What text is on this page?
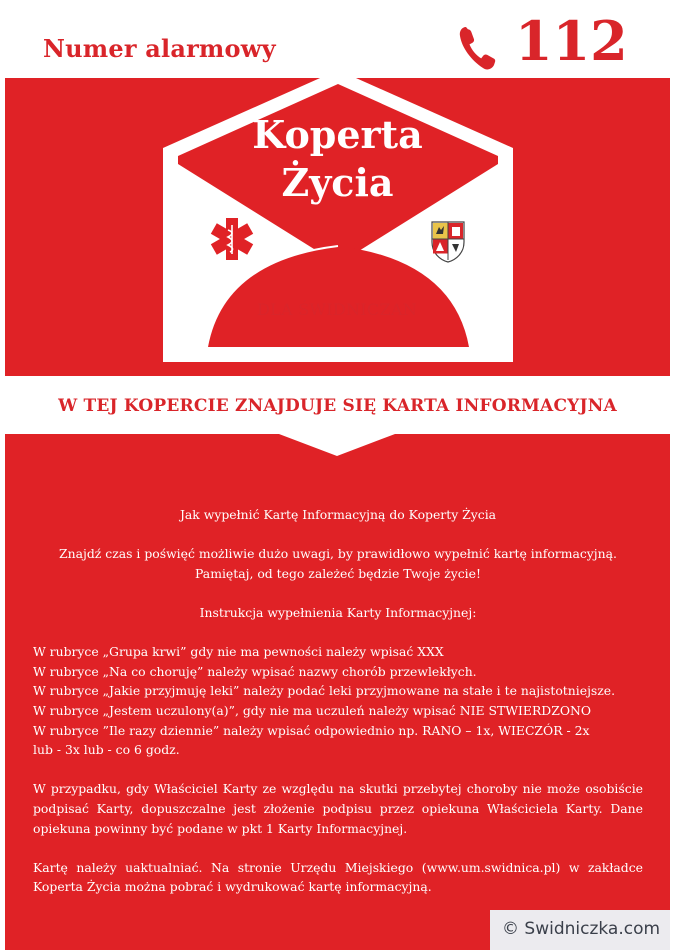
Numer alarmowy	112
Koperta
Życia
DLA ŚWIDNICZAN
W TEJ KOPERCIE ZNAJDUJE SIĘ KARTA INFORMACYJNA

Jak wypełnić Kartę Informacyjną do Koperty Życia

Znajdź czas i poświęć możliwie dużo uwagi, by prawidłowo wypełnić kartę informacyjną.

Pamiętaj, od tego zależeć będzie Twoje życie!

Instrukcja wypełnienia Karty Informacyjnej:

W rubryce „Grupa krwi” gdy nie ma pewności należy wpisać XXX

W rubryce „Na co choruję” należy wpisać nazwy chorób przewlekłych.

W rubryce „Jakie przyjmuję leki” należy podać leki przyjmowane na stałe i te najistotniejsze.

W rubryce „Jestem uczulony(a)”, gdy nie ma uczuleń należy wpisać NIE STWIERDZONO

W rubryce ”Ile razy dziennie” należy wpisać odpowiednio np. RANO – 1x, WIECZÓR - 2x

lub - 3x lub - co 6 godz.

W przypadku, gdy Właściciel Karty ze względu na skutki przebytej choroby nie może osobiście podpisać Karty, dopuszczalne jest złożenie podpisu przez opiekuna Właściciela Karty. Dane opiekuna powinny być podane w pkt 1 Karty Informacyjnej.

Kartę należy uaktualniać. Na stronie Urzędu Miejskiego (www.um.swidnica.pl) w zakładce Koperta Życia można pobrać i wydrukować kartę informacyjną.

© Swidniczka.com
